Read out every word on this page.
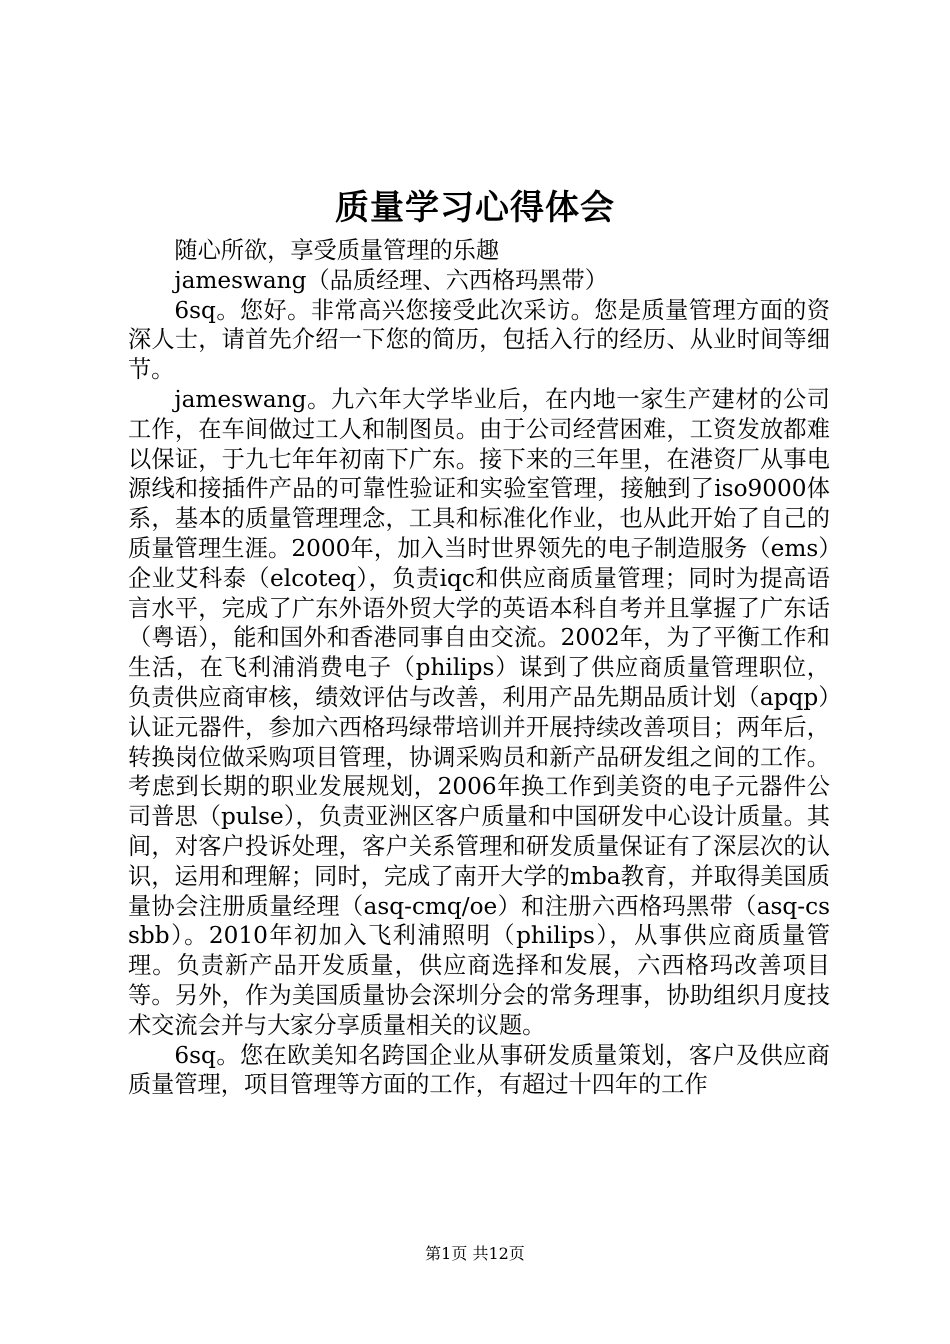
质量学习心得体会

随心所欲，享受质量管理的乐趣

jameswang（品质经理、六西格玛黑带）

6sq。您好。非常高兴您接受此次采访。您是质量管理方面的资深人士，请首先介绍一下您的简历，包括入行的经历、从业时间等细节。

jameswang。九六年大学毕业后，在内地一家生产建材的公司工作，在车间做过工人和制图员。由于公司经营困难，工资发放都难以保证，于九七年年初南下广东。接下来的三年里，在港资厂从事电源线和接插件产品的可靠性验证和实验室管理，接触到了iso9000体系，基本的质量管理理念，工具和标准化作业，也从此开始了自己的质量管理生涯。2000年，加入当时世界领先的电子制造服务（ems）企业艾科泰（elcoteq），负责iqc和供应商质量管理；同时为提高语言水平，完成了广东外语外贸大学的英语本科自考并且掌握了广东话（粤语），能和国外和香港同事自由交流。2002年，为了平衡工作和生活，在飞利浦消费电子（philips）谋到了供应商质量管理职位，负责供应商审核，绩效评估与改善，利用产品先期品质计划（apqp）认证元器件，参加六西格玛绿带培训并开展持续改善项目；两年后，转换岗位做采购项目管理，协调采购员和新产品研发组之间的工作。考虑到长期的职业发展规划，2006年换工作到美资的电子元器件公司普思（pulse），负责亚洲区客户质量和中国研发中心设计质量。其间，对客户投诉处理，客户关系管理和研发质量保证有了深层次的认识，运用和理解；同时，完成了南开大学的mba教育，并取得美国质量协会注册质量经理（asq-cmq/oe）和注册六西格玛黑带（asq-cssbb）。2010年初加入飞利浦照明（philips），从事供应商质量管理。负责新产品开发质量，供应商选择和发展，六西格玛改善项目等。另外，作为美国质量协会深圳分会的常务理事，协助组织月度技术交流会并与大家分享质量相关的议题。

6sq。您在欧美知名跨国企业从事研发质量策划，客户及供应商质量管理，项目管理等方面的工作，有超过十四年的工作

第1页 共12页
